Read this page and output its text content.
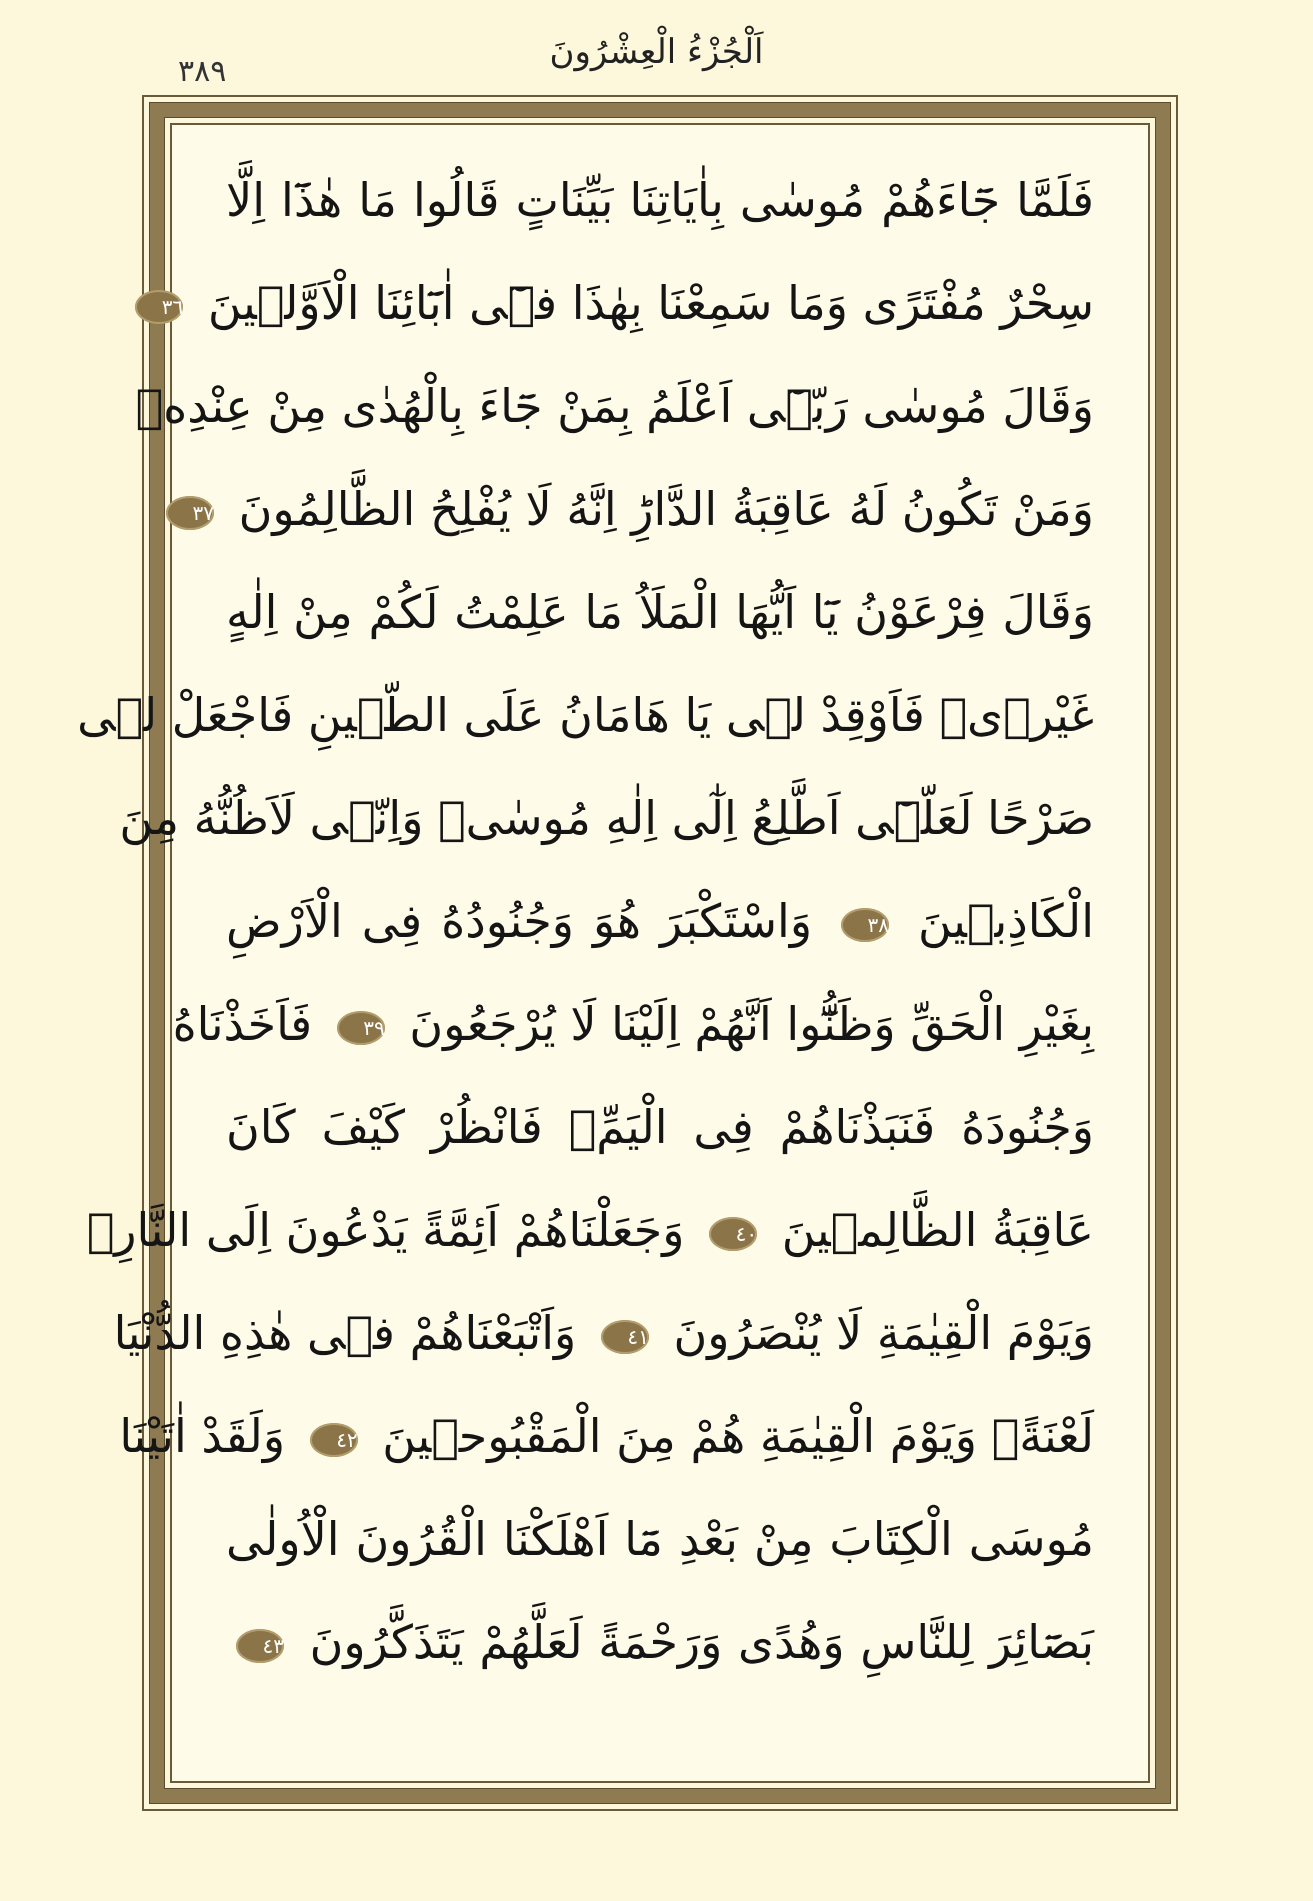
اَلْجُزْءُ الْعِشْرُونَ
٣٨٩
فَلَمَّا جَٓاءَهُمْ مُوسٰى بِاٰيَاتِنَا بَيِّنَاتٍ قَالُوا مَا هٰذَٓا اِلَّا
سِحْرٌ مُفْتَرًى وَمَا سَمِعْنَا بِهٰذَا فٖٓى اٰبَٓائِنَا الْاَوَّلٖينَ ٣٦
وَقَالَ مُوسٰى رَبّٖٓى اَعْلَمُ بِمَنْ جَٓاءَ بِالْهُدٰى مِنْ عِنْدِهٖ
وَمَنْ تَكُونُ لَهُ عَاقِبَةُ الدَّارِؕ اِنَّهُ لَا يُفْلِحُ الظَّالِمُونَ ٣٧
وَقَالَ فِرْعَوْنُ يَٓا اَيُّهَا الْمَلَاُ مَا عَلِمْتُ لَكُمْ مِنْ اِلٰهٍ
غَيْرٖىۚ فَاَوْقِدْ لٖى يَا هَامَانُ عَلَى الطّٖينِ فَاجْعَلْ لٖى
صَرْحًا لَعَلّٖٓى اَطَّلِعُ اِلٰٓى اِلٰهِ مُوسٰىۙ وَاِنّٖى لَاَظُنُّهُ مِنَ
الْكَاذِبٖينَ ٣٨ وَاسْتَكْبَرَ هُوَ وَجُنُودُهُ فِى الْاَرْضِ
بِغَيْرِ الْحَقِّ وَظَنُّٓوا اَنَّهُمْ اِلَيْنَا لَا يُرْجَعُونَ ٣٩ فَاَخَذْنَاهُ
وَجُنُودَهُ فَنَبَذْنَاهُمْ فِى الْيَمِّۚ فَانْظُرْ كَيْفَ كَانَ
عَاقِبَةُ الظَّالِمٖينَ ٤٠ وَجَعَلْنَاهُمْ اَئِمَّةً يَدْعُونَ اِلَى النَّارِۚ
وَيَوْمَ الْقِيٰمَةِ لَا يُنْصَرُونَ ٤١ وَاَتْبَعْنَاهُمْ فٖى هٰذِهِ الدُّنْيَا
لَعْنَةًۚ وَيَوْمَ الْقِيٰمَةِ هُمْ مِنَ الْمَقْبُوحٖينَ ٤٢ وَلَقَدْ اٰتَيْنَا
مُوسَى الْكِتَابَ مِنْ بَعْدِ مَٓا اَهْلَكْنَا الْقُرُونَ الْاُولٰى
بَصَٓائِرَ لِلنَّاسِ وَهُدًى وَرَحْمَةً لَعَلَّهُمْ يَتَذَكَّرُونَ ٤٣
